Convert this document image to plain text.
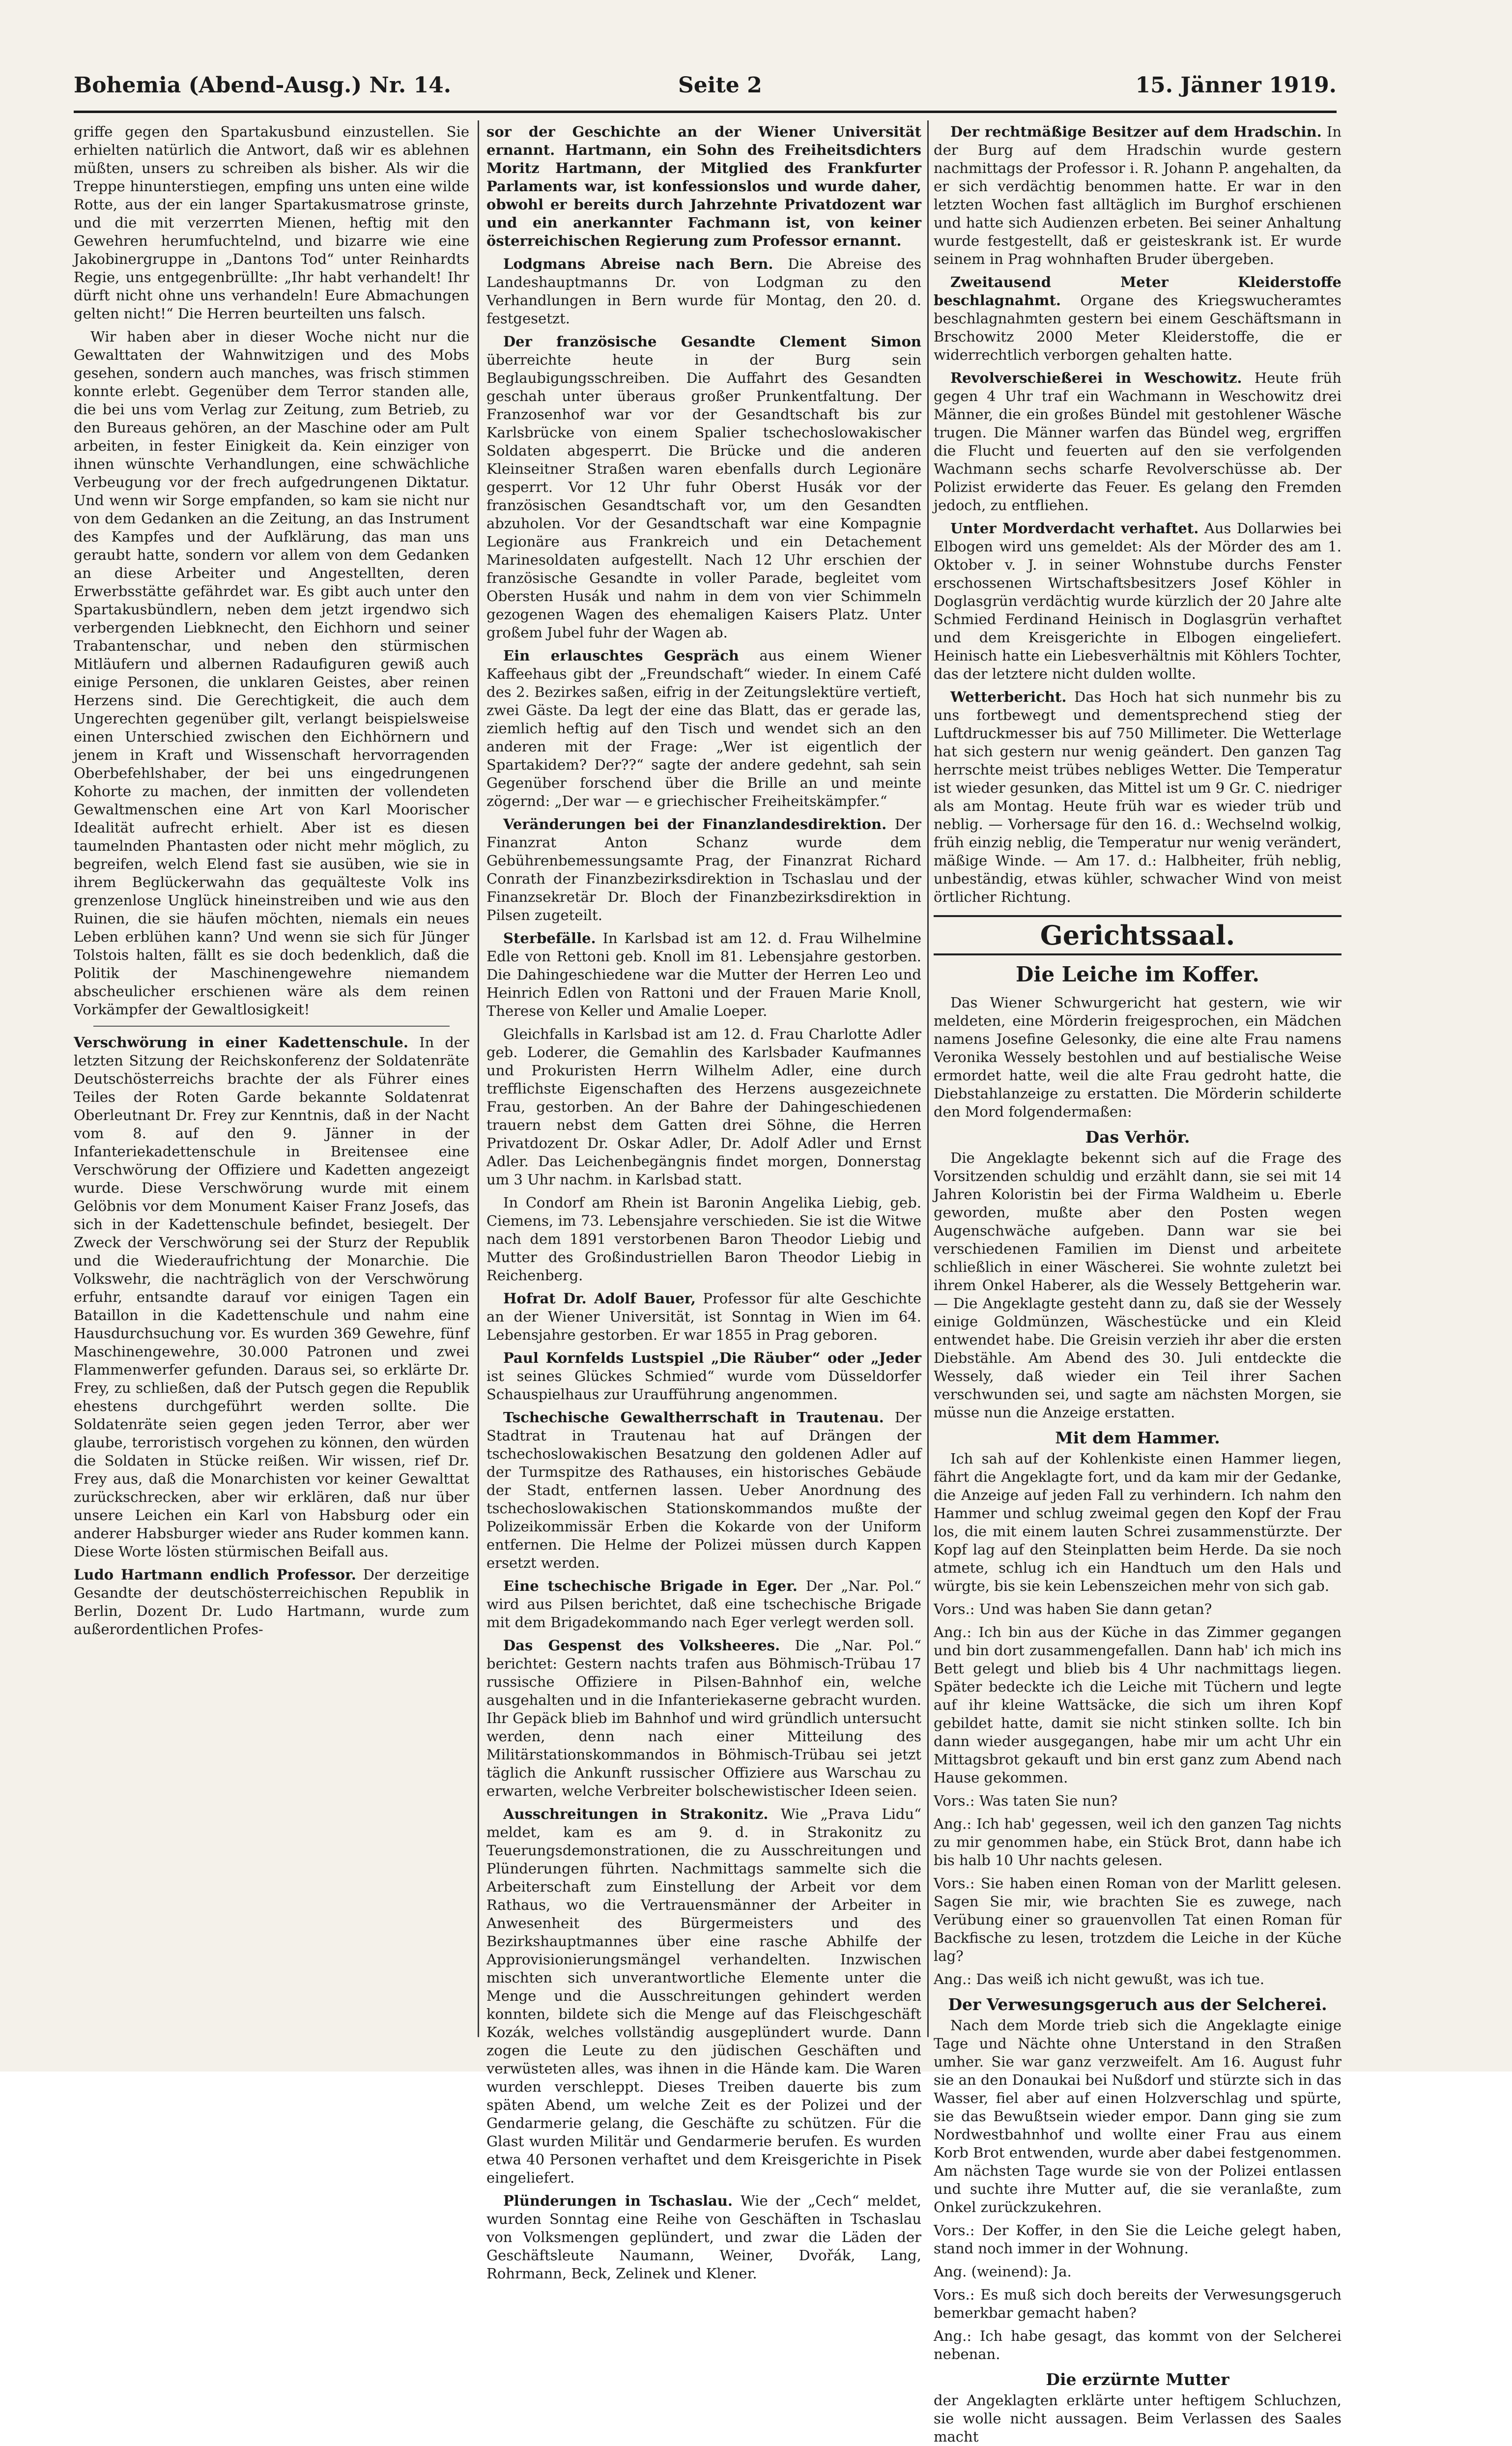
Bohemia (Abend-Ausg.) Nr. 14.	Seite 2	15. Jänner 1919.

griffe gegen den Spartakusbund einzustellen. Sie erhielten natürlich die Antwort, daß wir es ablehnen müßten, unsers zu schreiben als bisher. Als wir die Treppe hinunterstiegen, empfing uns unten eine wilde Rotte, aus der ein langer Spartakusmatrose grinste, und die mit verzerrten Mienen, heftig mit den Gewehren herumfuchtelnd, und bizarre wie eine Jakobinergruppe in „Dantons Tod“ unter Reinhardts Regie, uns entgegenbrüllte: „Ihr habt verhandelt! Ihr dürft nicht ohne uns verhandeln! Eure Abmachungen gelten nicht!“ Die Herren beurteilten uns falsch.

Wir haben aber in dieser Woche nicht nur die Gewalttaten der Wahnwitzigen und des Mobs gesehen, sondern auch manches, was frisch stimmen konnte erlebt. Gegenüber dem Terror standen alle, die bei uns vom Verlag zur Zeitung, zum Betrieb, zu den Bureaus gehören, an der Maschine oder am Pult arbeiten, in fester Einigkeit da. Kein einziger von ihnen wünschte Verhandlungen, eine schwächliche Verbeugung vor der frech aufgedrungenen Diktatur. Und wenn wir Sorge empfanden, so kam sie nicht nur von dem Gedanken an die Zeitung, an das Instrument des Kampfes und der Aufklärung, das man uns geraubt hatte, sondern vor allem von dem Gedanken an diese Arbeiter und Angestellten, deren Erwerbsstätte gefährdet war. Es gibt auch unter den Spartakusbündlern, neben dem jetzt irgendwo sich verbergenden Liebknecht, den Eichhorn und seiner Trabantenschar, und neben den stürmischen Mitläufern und albernen Radaufiguren gewiß auch einige Personen, die unklaren Geistes, aber reinen Herzens sind. Die Gerechtigkeit, die auch dem Ungerechten gegenüber gilt, verlangt beispielsweise einen Unterschied zwischen den Eichhörnern und jenem in Kraft und Wissenschaft hervorragenden Oberbefehlshaber, der bei uns eingedrungenen Kohorte zu machen, der inmitten der vollendeten Gewaltmenschen eine Art von Karl Moorischer Idealität aufrecht erhielt. Aber ist es diesen taumelnden Phantasten oder nicht mehr möglich, zu begreifen, welch Elend fast sie ausüben, wie sie in ihrem Beglückerwahn das gequälteste Volk ins grenzenlose Unglück hineinstreiben und wie aus den Ruinen, die sie häufen möchten, niemals ein neues Leben erblühen kann? Und wenn sie sich für Jünger Tolstois halten, fällt es sie doch bedenklich, daß die Politik der Maschinengewehre niemandem abscheulicher erschienen wäre als dem reinen Vorkämpfer der Gewaltlosigkeit!

Verschwörung in einer Kadettenschule. In der letzten Sitzung der Reichskonferenz der Soldatenräte Deutschösterreichs brachte der als Führer eines Teiles der Roten Garde bekannte Soldatenrat Oberleutnant Dr. Frey zur Kenntnis, daß in der Nacht vom 8. auf den 9. Jänner in der Infanteriekadettenschule in Breitensee eine Verschwörung der Offiziere und Kadetten angezeigt wurde. Diese Verschwörung wurde mit einem Gelöbnis vor dem Monument Kaiser Franz Josefs, das sich in der Kadettenschule befindet, besiegelt. Der Zweck der Verschwörung sei der Sturz der Republik und die Wiederaufrichtung der Monarchie. Die Volkswehr, die nachträglich von der Verschwörung erfuhr, entsandte darauf vor einigen Tagen ein Bataillon in die Kadettenschule und nahm eine Hausdurchsuchung vor. Es wurden 369 Gewehre, fünf Maschinengewehre, 30.000 Patronen und zwei Flammenwerfer gefunden. Daraus sei, so erklärte Dr. Frey, zu schließen, daß der Putsch gegen die Republik ehestens durchgeführt werden sollte. Die Soldatenräte seien gegen jeden Terror, aber wer glaube, terroristisch vorgehen zu können, den würden die Soldaten in Stücke reißen. Wir wissen, rief Dr. Frey aus, daß die Monarchisten vor keiner Gewalttat zurückschrecken, aber wir erklären, daß nur über unsere Leichen ein Karl von Habsburg oder ein anderer Habsburger wieder ans Ruder kommen kann. Diese Worte lösten stürmischen Beifall aus.

Ludo Hartmann endlich Professor. Der derzeitige Gesandte der deutschösterreichischen Republik in Berlin, Dozent Dr. Ludo Hartmann, wurde zum außerordentlichen Profes-

sor der Geschichte an der Wiener Universität ernannt. Hartmann, ein Sohn des Freiheitsdichters Moritz Hartmann, der Mitglied des Frankfurter Parlaments war, ist konfessionslos und wurde daher, obwohl er bereits durch Jahrzehnte Privatdozent war und ein anerkannter Fachmann ist, von keiner österreichischen Regierung zum Professor ernannt.

Lodgmans Abreise nach Bern. Die Abreise des Landeshauptmanns Dr. von Lodgman zu den Verhandlungen in Bern wurde für Montag, den 20. d. festgesetzt.

Der französische Gesandte Clement Simon überreichte heute in der Burg sein Beglaubigungsschreiben. Die Auffahrt des Gesandten geschah unter überaus großer Prunkentfaltung. Der Franzosenhof war vor der Gesandtschaft bis zur Karlsbrücke von einem Spalier tschechoslowakischer Soldaten abgesperrt. Die Brücke und die anderen Kleinseitner Straßen waren ebenfalls durch Legionäre gesperrt. Vor 12 Uhr fuhr Oberst Husák vor der französischen Gesandtschaft vor, um den Gesandten abzuholen. Vor der Gesandtschaft war eine Kompagnie Legionäre aus Frankreich und ein Detachement Marinesoldaten aufgestellt. Nach 12 Uhr erschien der französische Gesandte in voller Parade, begleitet vom Obersten Husák und nahm in dem von vier Schimmeln gezogenen Wagen des ehemaligen Kaisers Platz. Unter großem Jubel fuhr der Wagen ab.

Ein erlauschtes Gespräch aus einem Wiener Kaffeehaus gibt der „Freundschaft“ wieder. In einem Café des 2. Bezirkes saßen, eifrig in der Zeitungslektüre vertieft, zwei Gäste. Da legt der eine das Blatt, das er gerade las, ziemlich heftig auf den Tisch und wendet sich an den anderen mit der Frage: „Wer ist eigentlich der Spartakidem? Der??“ sagte der andere gedehnt, sah sein Gegenüber forschend über die Brille an und meinte zögernd: „Der war — e griechischer Freiheitskämpfer.“

Veränderungen bei der Finanzlandesdirektion. Der Finanzrat Anton Schanz wurde dem Gebührenbemessungsamte Prag, der Finanzrat Richard Conrath der Finanzbezirksdirektion in Tschaslau und der Finanzsekretär Dr. Bloch der Finanzbezirksdirektion in Pilsen zugeteilt.

Sterbefälle. In Karlsbad ist am 12. d. Frau Wilhelmine Edle von Rettoni geb. Knoll im 81. Lebensjahre gestorben. Die Dahingeschiedene war die Mutter der Herren Leo und Heinrich Edlen von Rattoni und der Frauen Marie Knoll, Therese von Keller und Amalie Loeper.

Gleichfalls in Karlsbad ist am 12. d. Frau Charlotte Adler geb. Loderer, die Gemahlin des Karlsbader Kaufmannes und Prokuristen Herrn Wilhelm Adler, eine durch trefflichste Eigenschaften des Herzens ausgezeichnete Frau, gestorben. An der Bahre der Dahingeschiedenen trauern nebst dem Gatten drei Söhne, die Herren Privatdozent Dr. Oskar Adler, Dr. Adolf Adler und Ernst Adler. Das Leichenbegängnis findet morgen, Donnerstag um 3 Uhr nachm. in Karlsbad statt.

In Condorf am Rhein ist Baronin Angelika Liebig, geb. Ciemens, im 73. Lebensjahre verschieden. Sie ist die Witwe nach dem 1891 verstorbenen Baron Theodor Liebig und Mutter des Großindustriellen Baron Theodor Liebig in Reichenberg.

Hofrat Dr. Adolf Bauer, Professor für alte Geschichte an der Wiener Universität, ist Sonntag in Wien im 64. Lebensjahre gestorben. Er war 1855 in Prag geboren.

Paul Kornfelds Lustspiel „Die Räuber“ oder „Jeder ist seines Glückes Schmied“ wurde vom Düsseldorfer Schauspielhaus zur Uraufführung angenommen.

Tschechische Gewaltherrschaft in Trautenau. Der Stadtrat in Trautenau hat auf Drängen der tschechoslowakischen Besatzung den goldenen Adler auf der Turmspitze des Rathauses, ein historisches Gebäude der Stadt, entfernen lassen. Ueber Anordnung des tschechoslowakischen Stationskommandos mußte der Polizeikommissär Erben die Kokarde von der Uniform entfernen. Die Helme der Polizei müssen durch Kappen ersetzt werden.

Eine tschechische Brigade in Eger. Der „Nar. Pol.“ wird aus Pilsen berichtet, daß eine tschechische Brigade mit dem Brigadekommando nach Eger verlegt werden soll.

Das Gespenst des Volksheeres. Die „Nar. Pol.“ berichtet: Gestern nachts trafen aus Böhmisch-Trübau 17 russische Offiziere in Pilsen-Bahnhof ein, welche ausgehalten und in die Infanteriekaserne gebracht wurden. Ihr Gepäck blieb im Bahnhof und wird gründlich untersucht werden, denn nach einer Mitteilung des Militärstationskommandos in Böhmisch-Trübau sei jetzt täglich die Ankunft russischer Offiziere aus Warschau zu erwarten, welche Verbreiter bolschewistischer Ideen seien.

Ausschreitungen in Strakonitz. Wie „Prava Lidu“ meldet, kam es am 9. d. in Strakonitz zu Teuerungsdemonstrationen, die zu Ausschreitungen und Plünderungen führten. Nachmittags sammelte sich die Arbeiterschaft zum Einstellung der Arbeit vor dem Rathaus, wo die Vertrauensmänner der Arbeiter in Anwesenheit des Bürgermeisters und des Bezirkshauptmannes über eine rasche Abhilfe der Approvisionierungsmängel verhandelten. Inzwischen mischten sich unverantwortliche Elemente unter die Menge und die Ausschreitungen gehindert werden konnten, bildete sich die Menge auf das Fleischgeschäft Kozák, welches vollständig ausgeplündert wurde. Dann zogen die Leute zu den jüdischen Geschäften und verwüsteten alles, was ihnen in die Hände kam. Die Waren wurden verschleppt. Dieses Treiben dauerte bis zum späten Abend, um welche Zeit es der Polizei und der Gendarmerie gelang, die Geschäfte zu schützen. Für die Glast wurden Militär und Gendarmerie berufen. Es wurden etwa 40 Personen verhaftet und dem Kreisgerichte in Pisek eingeliefert.

Plünderungen in Tschaslau. Wie der „Cech“ meldet, wurden Sonntag eine Reihe von Geschäften in Tschaslau von Volksmengen geplündert, und zwar die Läden der Geschäftsleute Naumann, Weiner, Dvořák, Lang, Rohrmann, Beck, Zelinek und Klener.

Der rechtmäßige Besitzer auf dem Hradschin. In der Burg auf dem Hradschin wurde gestern nachmittags der Professor i. R. Johann P. angehalten, da er sich verdächtig benommen hatte. Er war in den letzten Wochen fast alltäglich im Burghof erschienen und hatte sich Audienzen erbeten. Bei seiner Anhaltung wurde festgestellt, daß er geisteskrank ist. Er wurde seinem in Prag wohnhaften Bruder übergeben.

Zweitausend Meter Kleiderstoffe beschlagnahmt. Organe des Kriegswucheramtes beschlagnahmten gestern bei einem Geschäftsmann in Brschowitz 2000 Meter Kleiderstoffe, die er widerrechtlich verborgen gehalten hatte.

Revolverschießerei in Weschowitz. Heute früh gegen 4 Uhr traf ein Wachmann in Weschowitz drei Männer, die ein großes Bündel mit gestohlener Wäsche trugen. Die Männer warfen das Bündel weg, ergriffen die Flucht und feuerten auf den sie verfolgenden Wachmann sechs scharfe Revolverschüsse ab. Der Polizist erwiderte das Feuer. Es gelang den Fremden jedoch, zu entfliehen.

Unter Mordverdacht verhaftet. Aus Dollarwies bei Elbogen wird uns gemeldet: Als der Mörder des am 1. Oktober v. J. in seiner Wohnstube durchs Fenster erschossenen Wirtschaftsbesitzers Josef Köhler in Doglasgrün verdächtig wurde kürzlich der 20 Jahre alte Schmied Ferdinand Heinisch in Doglasgrün verhaftet und dem Kreisgerichte in Elbogen eingeliefert. Heinisch hatte ein Liebesverhältnis mit Köhlers Tochter, das der letztere nicht dulden wollte.

Wetterbericht. Das Hoch hat sich nunmehr bis zu uns fortbewegt und dementsprechend stieg der Luftdruckmesser bis auf 750 Millimeter. Die Wetterlage hat sich gestern nur wenig geändert. Den ganzen Tag herrschte meist trübes nebliges Wetter. Die Temperatur ist wieder gesunken, das Mittel ist um 9 Gr. C. niedriger als am Montag. Heute früh war es wieder trüb und neblig. — Vorhersage für den 16. d.: Wechselnd wolkig, früh einzig neblig, die Temperatur nur wenig verändert, mäßige Winde. — Am 17. d.: Halbheiter, früh neblig, unbeständig, etwas kühler, schwacher Wind von meist örtlicher Richtung.

Gerichtssaal.
Die Leiche im Koffer.

Das Wiener Schwurgericht hat gestern, wie wir meldeten, eine Mörderin freigesprochen, ein Mädchen namens Josefine Gelesonky, die eine alte Frau namens Veronika Wessely bestohlen und auf bestialische Weise ermordet hatte, weil die alte Frau gedroht hatte, die Diebstahlanzeige zu erstatten. Die Mörderin schilderte den Mord folgendermaßen:

Das Verhör.

Die Angeklagte bekennt sich auf die Frage des Vorsitzenden schuldig und erzählt dann, sie sei mit 14 Jahren Koloristin bei der Firma Waldheim u. Eberle geworden, mußte aber den Posten wegen Augenschwäche aufgeben. Dann war sie bei verschiedenen Familien im Dienst und arbeitete schließlich in einer Wäscherei. Sie wohnte zuletzt bei ihrem Onkel Haberer, als die Wessely Bettgeherin war. — Die Angeklagte gesteht dann zu, daß sie der Wessely einige Goldmünzen, Wäschestücke und ein Kleid entwendet habe. Die Greisin verzieh ihr aber die ersten Diebstähle. Am Abend des 30. Juli entdeckte die Wessely, daß wieder ein Teil ihrer Sachen verschwunden sei, und sagte am nächsten Morgen, sie müsse nun die Anzeige erstatten.

Mit dem Hammer.

Ich sah auf der Kohlenkiste einen Hammer liegen, fährt die Angeklagte fort, und da kam mir der Gedanke, die Anzeige auf jeden Fall zu verhindern. Ich nahm den Hammer und schlug zweimal gegen den Kopf der Frau los, die mit einem lauten Schrei zusammenstürzte. Der Kopf lag auf den Steinplatten beim Herde. Da sie noch atmete, schlug ich ein Handtuch um den Hals und würgte, bis sie kein Lebenszeichen mehr von sich gab.

Vors.: Und was haben Sie dann getan?

Ang.: Ich bin aus der Küche in das Zimmer gegangen und bin dort zusammengefallen. Dann hab' ich mich ins Bett gelegt und blieb bis 4 Uhr nachmittags liegen. Später bedeckte ich die Leiche mit Tüchern und legte auf ihr kleine Wattsäcke, die sich um ihren Kopf gebildet hatte, damit sie nicht stinken sollte. Ich bin dann wieder ausgegangen, habe mir um acht Uhr ein Mittagsbrot gekauft und bin erst ganz zum Abend nach Hause gekommen.

Vors.: Was taten Sie nun?

Ang.: Ich hab' gegessen, weil ich den ganzen Tag nichts zu mir genommen habe, ein Stück Brot, dann habe ich bis halb 10 Uhr nachts gelesen.

Vors.: Sie haben einen Roman von der Marlitt gelesen. Sagen Sie mir, wie brachten Sie es zuwege, nach Verübung einer so grauenvollen Tat einen Roman für Backfische zu lesen, trotzdem die Leiche in der Küche lag?

Ang.: Das weiß ich nicht gewußt, was ich tue.

Der Verwesungsgeruch aus der Selcherei.

Nach dem Morde trieb sich die Angeklagte einige Tage und Nächte ohne Unterstand in den Straßen umher. Sie war ganz verzweifelt. Am 16. August fuhr sie an den Donaukai bei Nußdorf und stürzte sich in das Wasser, fiel aber auf einen Holzverschlag und spürte, sie das Bewußtsein wieder empor. Dann ging sie zum Nordwestbahnhof und wollte einer Frau aus einem Korb Brot entwenden, wurde aber dabei festgenommen. Am nächsten Tage wurde sie von der Polizei entlassen und suchte ihre Mutter auf, die sie veranlaßte, zum Onkel zurückzukehren.

Vors.: Der Koffer, in den Sie die Leiche gelegt haben, stand noch immer in der Wohnung.

Ang. (weinend): Ja.

Vors.: Es muß sich doch bereits der Verwesungsgeruch bemerkbar gemacht haben?

Ang.: Ich habe gesagt, das kommt von der Selcherei nebenan.

Die erzürnte Mutter

der Angeklagten erklärte unter heftigem Schluchzen, sie wolle nicht aussagen. Beim Verlassen des Saales macht
